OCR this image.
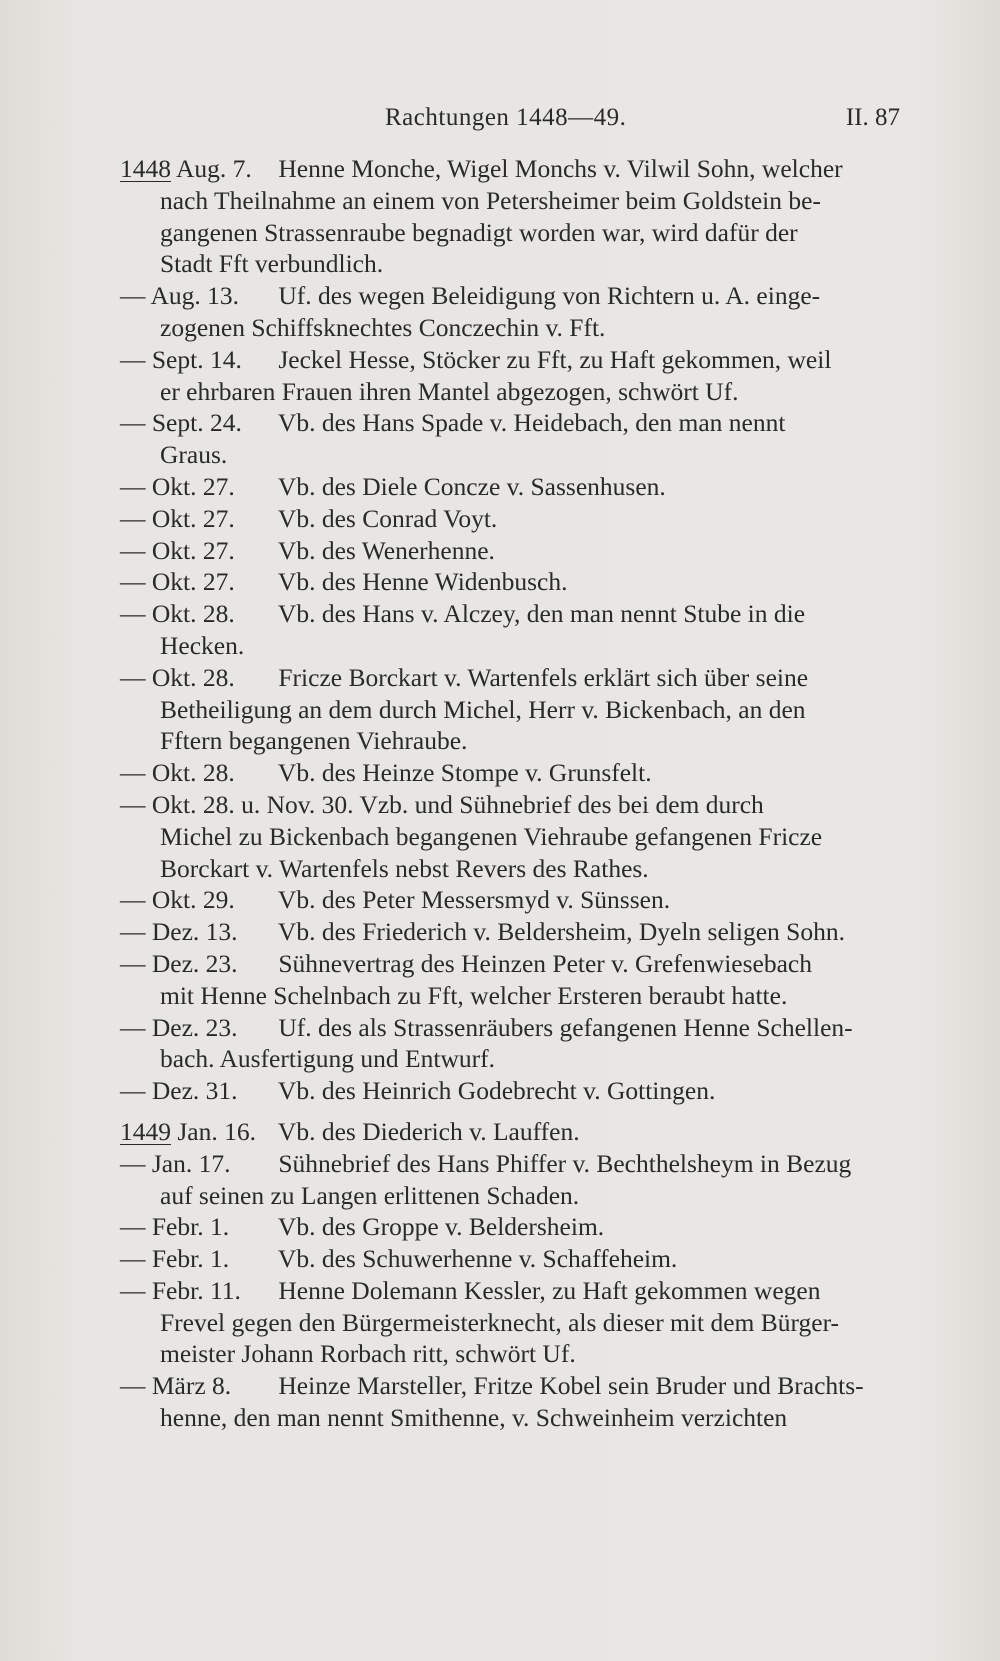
Rachtungen 1448—49.	II. 87
1448 Aug. 7. Henne Monche, Wigel Monchs v. Vilwil Sohn, welcher
nach Theilnahme an einem von Petersheimer beim Goldstein be-
gangenen Strassenraube begnadigt worden war, wird dafür der
Stadt Fft verbundlich.
— Aug. 13. Uf. des wegen Beleidigung von Richtern u. A. einge-
zogenen Schiffsknechtes Conczechin v. Fft.
— Sept. 14. Jeckel Hesse, Stöcker zu Fft, zu Haft gekommen, weil
er ehrbaren Frauen ihren Mantel abgezogen, schwört Uf.
— Sept. 24. Vb. des Hans Spade v. Heidebach, den man nennt
Graus.
— Okt. 27. Vb. des Diele Concze v. Sassenhusen.
— Okt. 27. Vb. des Conrad Voyt.
— Okt. 27. Vb. des Wenerhenne.
— Okt. 27. Vb. des Henne Widenbusch.
— Okt. 28. Vb. des Hans v. Alczey, den man nennt Stube in die
Hecken.
— Okt. 28. Fricze Borckart v. Wartenfels erklärt sich über seine
Betheiligung an dem durch Michel, Herr v. Bickenbach, an den
Fftern begangenen Viehraube.
— Okt. 28. Vb. des Heinze Stompe v. Grunsfelt.
— Okt. 28. u. Nov. 30. Vzb. und Sühnebrief des bei dem durch
Michel zu Bickenbach begangenen Viehraube gefangenen Fricze
Borckart v. Wartenfels nebst Revers des Rathes.
— Okt. 29. Vb. des Peter Messersmyd v. Sünssen.
— Dez. 13. Vb. des Friederich v. Beldersheim, Dyeln seligen Sohn.
— Dez. 23. Sühnevertrag des Heinzen Peter v. Grefenwiesebach
mit Henne Schelnbach zu Fft, welcher Ersteren beraubt hatte.
— Dez. 23. Uf. des als Strassenräubers gefangenen Henne Schellen-
bach. Ausfertigung und Entwurf.
— Dez. 31. Vb. des Heinrich Godebrecht v. Gottingen.
1449 Jan. 16. Vb. des Diederich v. Lauffen.
— Jan. 17. Sühnebrief des Hans Phiffer v. Bechthelsheym in Bezug
auf seinen zu Langen erlittenen Schaden.
— Febr. 1. Vb. des Groppe v. Beldersheim.
— Febr. 1. Vb. des Schuwerhenne v. Schaffeheim.
— Febr. 11. Henne Dolemann Kessler, zu Haft gekommen wegen
Frevel gegen den Bürgermeisterknecht, als dieser mit dem Bürger-
meister Johann Rorbach ritt, schwört Uf.
— März 8. Heinze Marsteller, Fritze Kobel sein Bruder und Brachts-
henne, den man nennt Smithenne, v. Schweinheim verzichten
